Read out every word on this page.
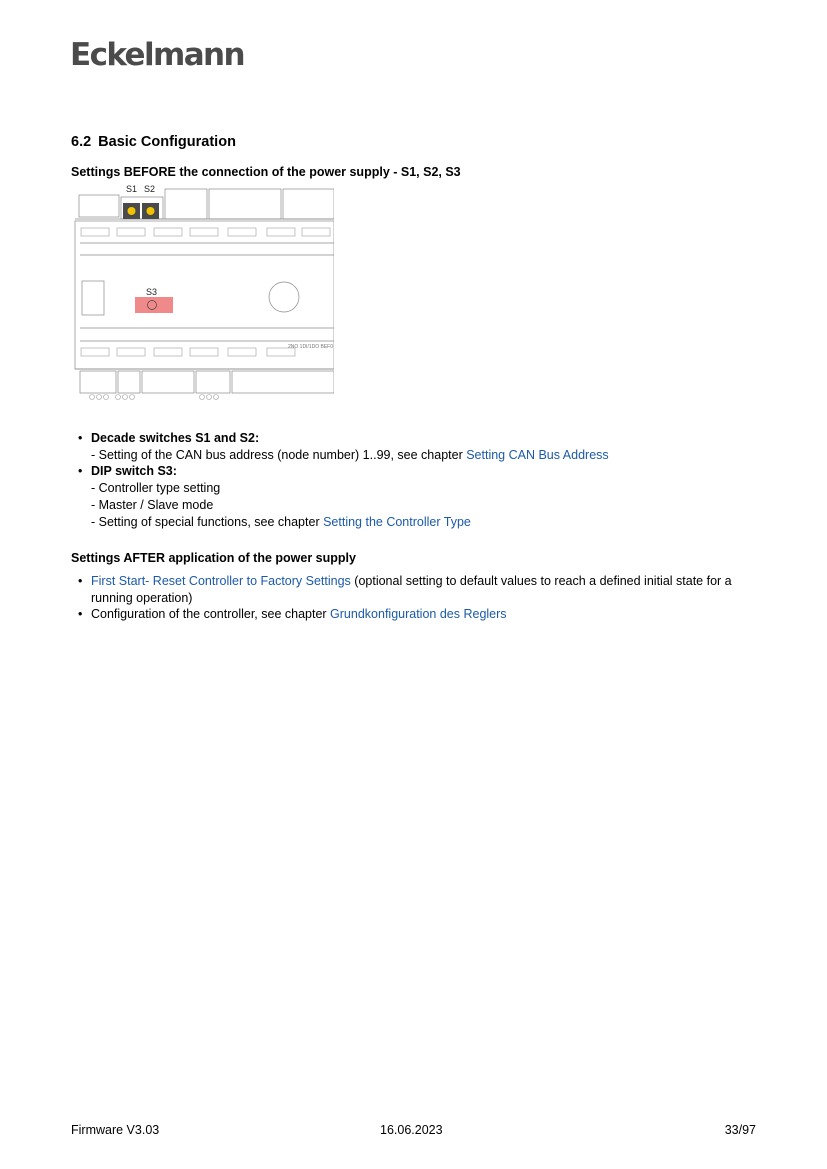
Eckelmann
6.2 Basic Configuration
Settings BEFORE the connection of the power supply - S1, S2, S3
S1 S2
S3
2NO 1DI/1DO BEF0
• Decade switches S1 and S2:
- Setting of the CAN bus address (node number) 1..99, see chapter Setting CAN Bus Address
• DIP switch S3:
- Controller type setting
- Master / Slave mode
- Setting of special functions, see chapter Setting the Controller Type
Settings AFTER application of the power supply
• First Start- Reset Controller to Factory Settings (optional setting to default values to reach a defined initial state for a running operation)
• Configuration of the controller, see chapter Grundkonfiguration des Reglers
Firmware V3.03	16.06.2023	33/97
